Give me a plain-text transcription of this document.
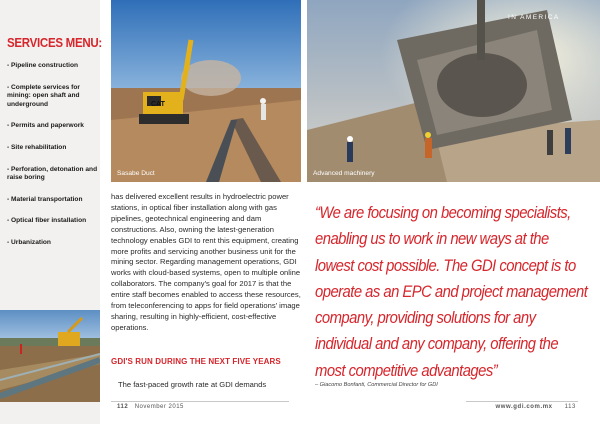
SERVICES MENU:
- Pipeline construction
- Complete services for mining: open shaft and underground
- Permits and paperwork
- Site rehabilitation
- Perforation, detonation and raise boring
- Material transportation
- Optical fiber installation
- Urbanization
CAT
Sasabe Duct	Advanced machinery
IN AMERICA
has delivered excellent results in hydroelectric power stations, in optical fiber installation along with gas pipelines, geotechnical engineering and dam constructions. Also, owning the latest-generation technology enables GDI to rent this equipment, creating more profits and servicing another business unit for the mining sector. Regarding management operations, GDI works with cloud-based systems, open to multiple online collaborators. The company's goal for 2017 is that the entire staff becomes enabled to access these resources, from teleconferencing to apps for field operations' image sharing, resulting in highly-efficient, cost-effective operations.
GDI'S RUN DURING THE NEXT FIVE YEARS
The fast-paced growth rate at GDI demands
“We are focusing on becoming specialists, enabling us to work in new ways at the lowest cost possible. The GDI concept is to operate as an EPC and project management company, providing solutions for any individual and any company, offering the most competitive advantages”
– Giacomo Bonfanti, Commercial Director for GDI
112 November 2015	www.gdi.com.mx 113
